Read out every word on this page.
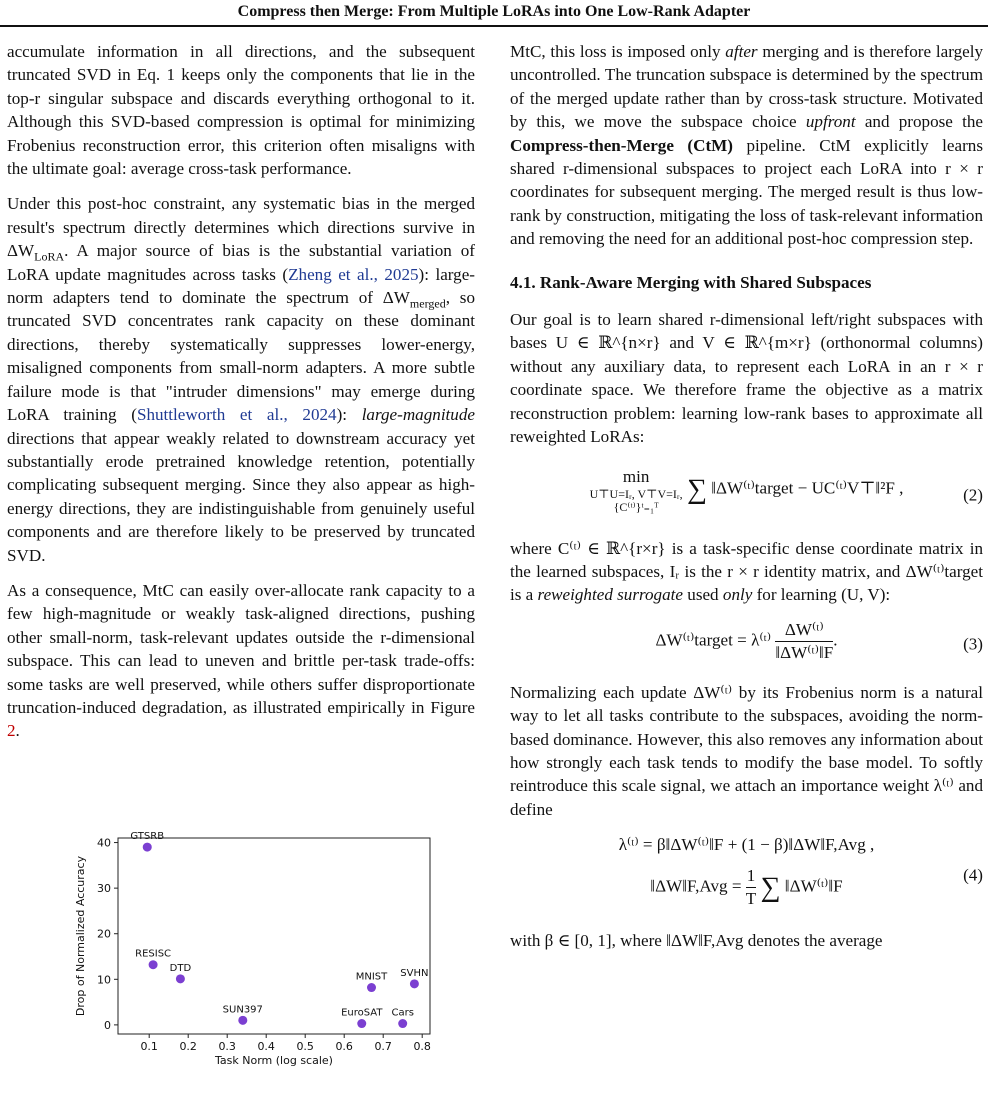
Compress then Merge: From Multiple LoRAs into One Low-Rank Adapter

accumulate information in all directions, and the subsequent truncated SVD in Eq. 1 keeps only the components that lie in the top-r singular subspace and discards everything orthogonal to it. Although this SVD-based compression is optimal for minimizing Frobenius reconstruction error, this criterion often misaligns with the ultimate goal: average cross-task performance.

Under this post-hoc constraint, any systematic bias in the merged result's spectrum directly determines which directions survive in $\Delta W_{LoRA}$. A major source of bias is the substantial variation of LoRA update magnitudes across tasks (Zheng et al., 2025): large-norm adapters tend to dominate the spectrum of $\Delta W_{merged}$, so truncated SVD concentrates rank capacity on these dominant directions, thereby systematically suppresses lower-energy, misaligned components from small-norm adapters. A more subtle failure mode is that "intruder dimensions" may emerge during LoRA training (Shuttleworth et al., 2024): large-magnitude directions that appear weakly related to downstream accuracy yet substantially erode pretrained knowledge retention, potentially complicating subsequent merging. Since they also appear as high-energy directions, they are indistinguishable from genuinely useful components and are therefore likely to be preserved by truncated SVD.

As a consequence, MtC can easily over-allocate rank capacity to a few high-magnitude or weakly task-aligned directions, pushing other small-norm, task-relevant updates outside the r-dimensional subspace. This can lead to uneven and brittle per-task trade-offs: some tasks are well preserved, while others suffer disproportionate truncation-induced degradation, as illustrated empirically in Figure 2.

0.1 0.2 0.3 0.4 0.5 0.6 0.7 0.8
0
10
20
30
40
Task Norm (log scale)
Drop of Normalized Accuracy
GTSRB
RESISC
DTD
SUN397
MNIST
EuroSAT
SVHN
Cars

MtC, this loss is imposed only after merging and is therefore largely uncontrolled. The truncation subspace is determined by the spectrum of the merged update rather than by cross-task structure. Motivated by this, we move the subspace choice upfront and propose the Compress-then-Merge (CtM) pipeline. CtM explicitly learns shared r-dimensional subspaces to project each LoRA into r × r coordinates for subsequent merging. The merged result is thus low-rank by construction, mitigating the loss of task-relevant information and removing the need for an additional post-hoc compression step.

4.1. Rank-Aware Merging with Shared Subspaces

Our goal is to learn shared r-dimensional left/right subspaces with bases U ∈ ℝ^{n×r} and V ∈ ℝ^{m×r} (orthonormal columns) without any auxiliary data, to represent each LoRA in an r × r coordinate space. We therefore frame the objective as a matrix reconstruction problem: learning low-rank bases to approximate all reweighted LoRAs:

min
U⊤U=Iᵣ, V⊤V=Iᵣ,
{C⁽ᵗ⁾}ᵗ₌₁ᵀ
∑ ‖ΔW⁽ᵗ⁾target − UC⁽ᵗ⁾V⊤‖²F ,	(2)

where C⁽ᵗ⁾ ∈ ℝ^{r×r} is a task-specific dense coordinate matrix in the learned subspaces, Iᵣ is the r × r identity matrix, and ΔW⁽ᵗ⁾target is a reweighted surrogate used only for learning (U, V):

ΔW⁽ᵗ⁾target = λ⁽ᵗ⁾ $\frac{\text{ΔW⁽ᵗ⁾}}{\text{‖ΔW⁽ᵗ⁾‖F}}$ .	(3)

Normalizing each update ΔW⁽ᵗ⁾ by its Frobenius norm is a natural way to let all tasks contribute to the subspaces, avoiding the norm-based dominance. However, this also removes any information about how strongly each task tends to modify the base model. To softly reintroduce this scale signal, we attach an importance weight λ⁽ᵗ⁾ and define

λ⁽ᵗ⁾ = β‖ΔW⁽ᵗ⁾‖F + (1 − β)‖ΔW‖F,Avg ,
‖ΔW‖F,Avg = $\frac{1}{T}$ ∑ ‖ΔW⁽ᵗ⁾‖F
(4)

with β ∈ [0, 1], where ‖ΔW‖F,Avg denotes the average
